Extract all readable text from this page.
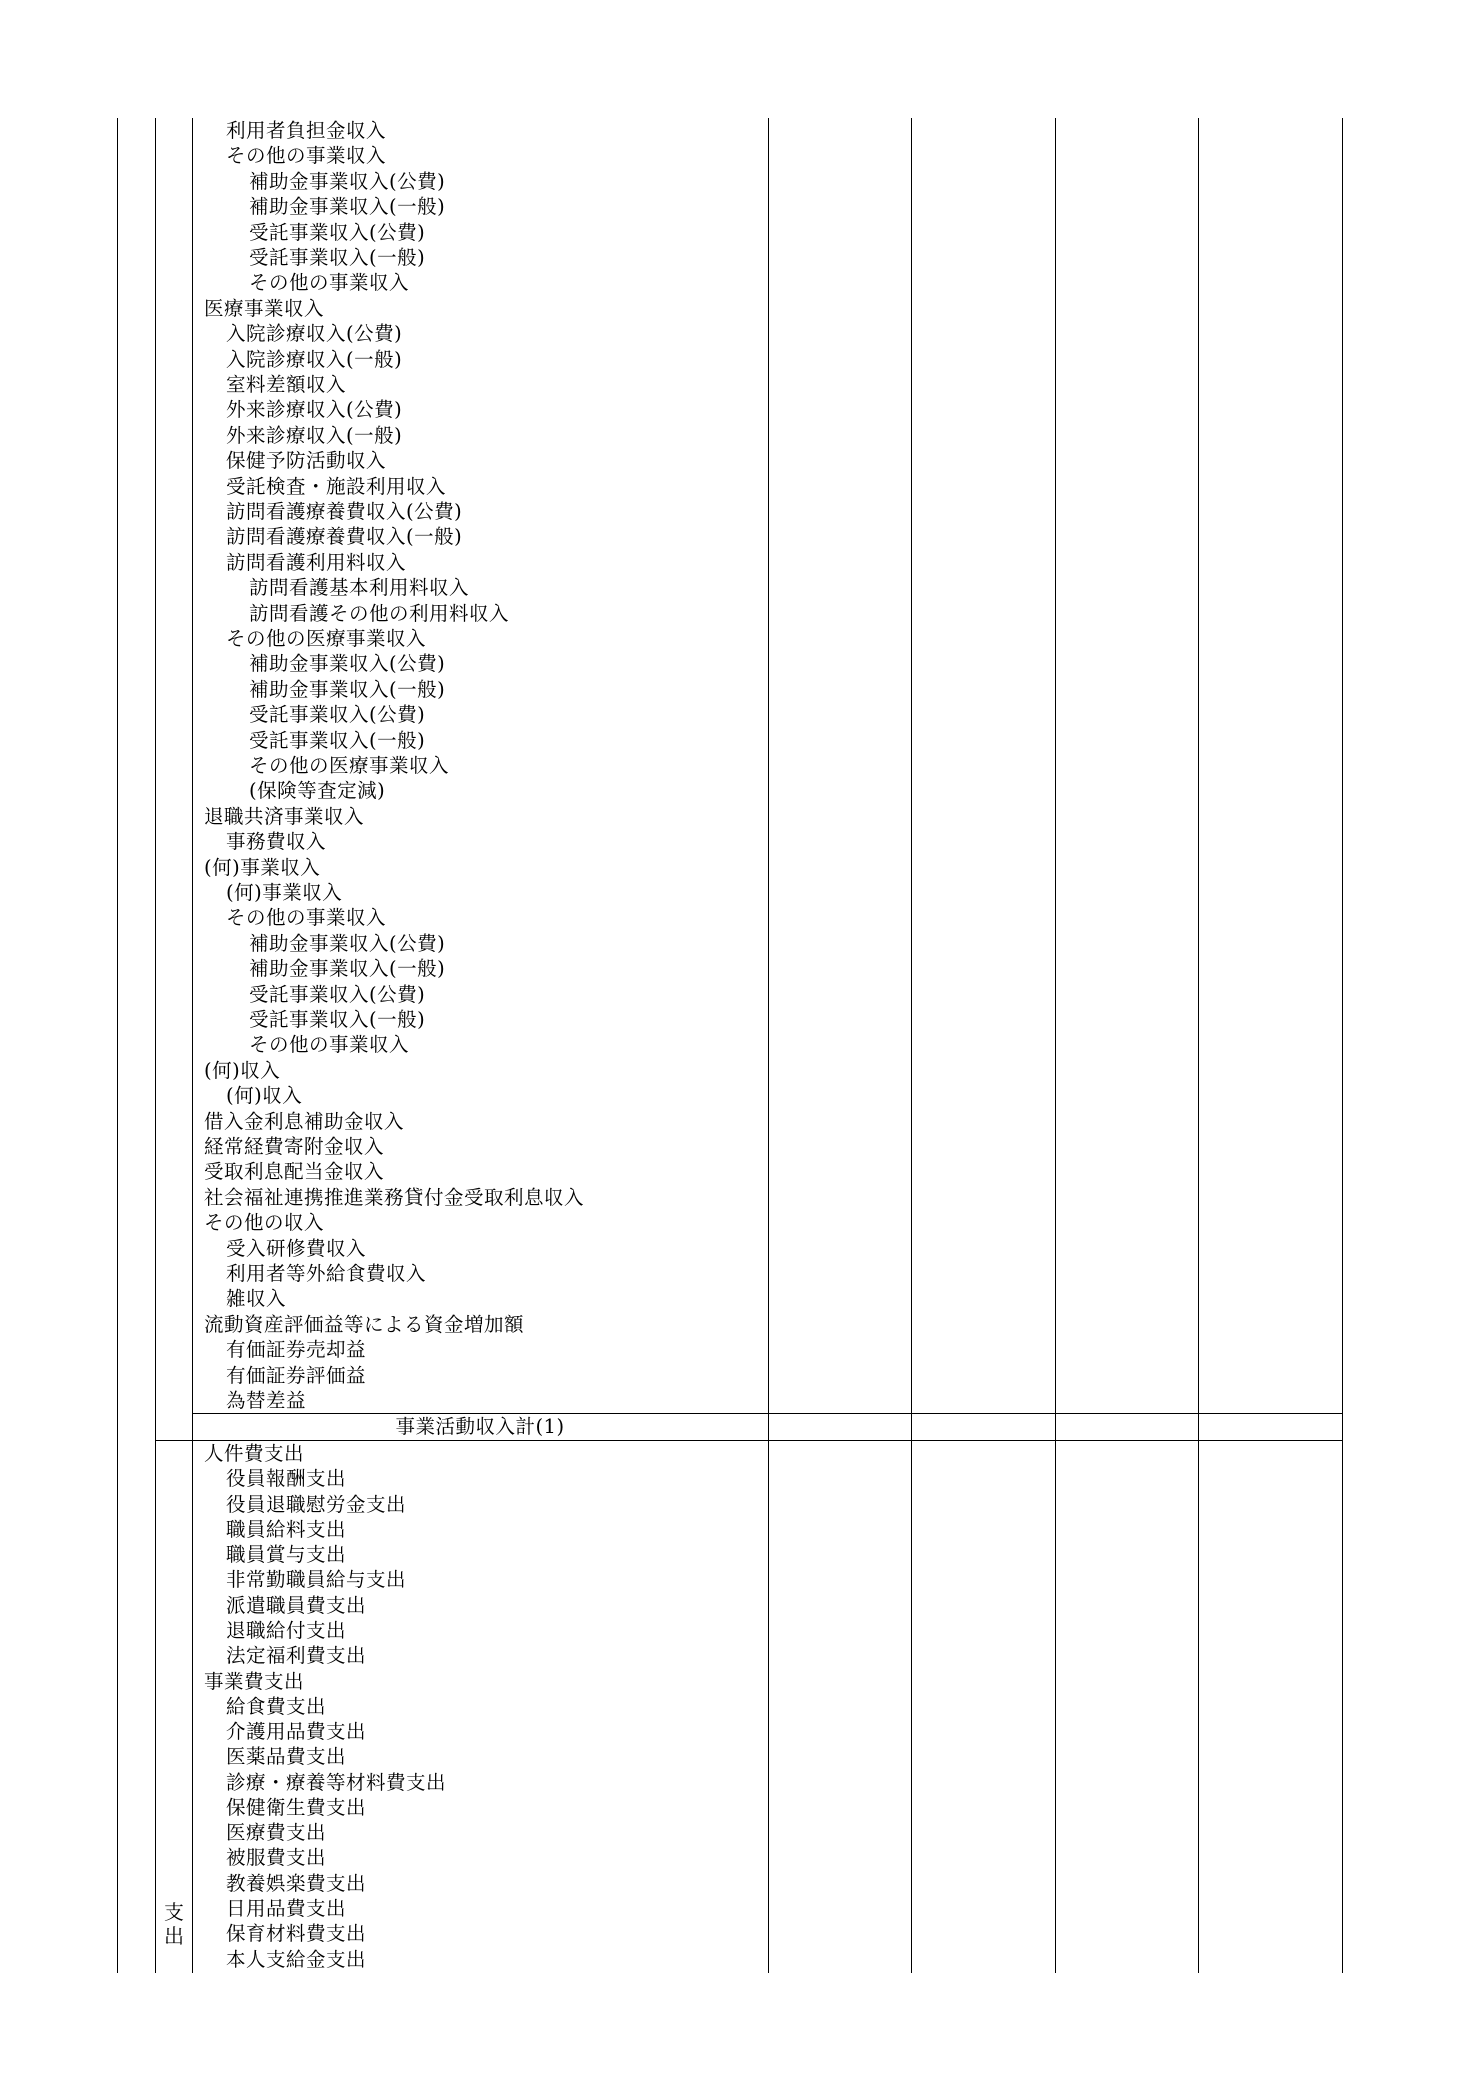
利用者負担金収入
その他の事業収入
補助金事業収入(公費)
補助金事業収入(一般)
受託事業収入(公費)
受託事業収入(一般)
その他の事業収入
医療事業収入
入院診療収入(公費)
入院診療収入(一般)
室料差額収入
外来診療収入(公費)
外来診療収入(一般)
保健予防活動収入
受託検査・施設利用収入
訪問看護療養費収入(公費)
訪問看護療養費収入(一般)
訪問看護利用料収入
訪問看護基本利用料収入
訪問看護その他の利用料収入
その他の医療事業収入
補助金事業収入(公費)
補助金事業収入(一般)
受託事業収入(公費)
受託事業収入(一般)
その他の医療事業収入
(保険等査定減)
退職共済事業収入
事務費収入
(何)事業収入
(何)事業収入
その他の事業収入
補助金事業収入(公費)
補助金事業収入(一般)
受託事業収入(公費)
受託事業収入(一般)
その他の事業収入
(何)収入
(何)収入
借入金利息補助金収入
経常経費寄附金収入
受取利息配当金収入
社会福祉連携推進業務貸付金受取利息収入
その他の収入
受入研修費収入
利用者等外給食費収入
雑収入
流動資産評価益等による資金増加額
有価証券売却益
有価証券評価益
為替差益
事業活動収入計(1)
人件費支出
役員報酬支出
役員退職慰労金支出
職員給料支出
職員賞与支出
非常勤職員給与支出
派遣職員費支出
退職給付支出
法定福利費支出
事業費支出
給食費支出
介護用品費支出
医薬品費支出
診療・療養等材料費支出
保健衛生費支出
医療費支出
被服費支出
教養娯楽費支出
日用品費支出
保育材料費支出
本人支給金支出
支
出
